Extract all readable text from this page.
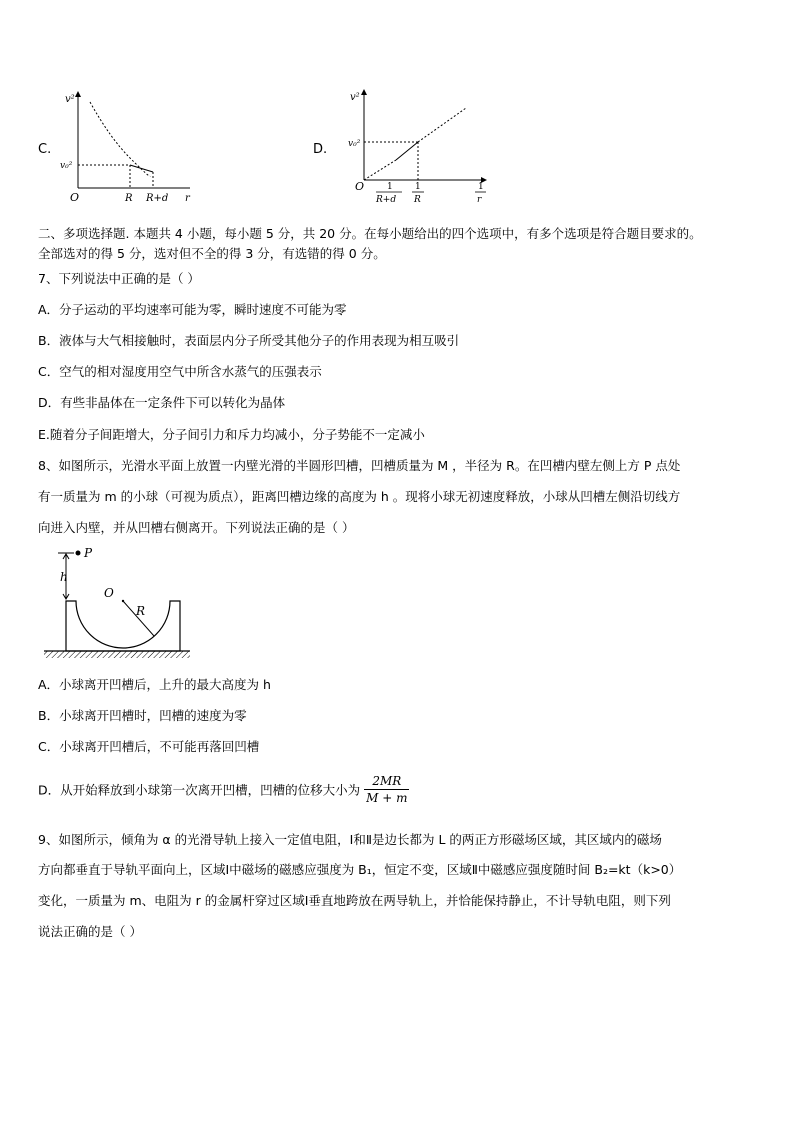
C.
v²
v₀²
O	R R+d r
D.
v²
v₀²
O	1
R+d
1
R
1
r
二、多项选择题. 本题共 4 小题，每小题 5 分，共 20 分。在每小题给出的四个选项中，有多个选项是符合题目要求的。
全部选对的得 5 分，选对但不全的得 3 分，有选错的得 0 分。
7、下列说法中正确的是（ ）
A．分子运动的平均速率可能为零，瞬时速度不可能为零
B．液体与大气相接触时，表面层内分子所受其他分子的作用表现为相互吸引
C．空气的相对湿度用空气中所含水蒸气的压强表示
D．有些非晶体在一定条件下可以转化为晶体
E.随着分子间距增大，分子间引力和斥力均减小，分子势能不一定减小
8、如图所示，光滑水平面上放置一内壁光滑的半圆形凹槽，凹槽质量为 M ，半径为 R。在凹槽内壁左侧上方 P 点处
有一质量为 m 的小球（可视为质点），距离凹槽边缘的高度为 h 。现将小球无初速度释放，小球从凹槽左侧沿切线方
向进入内壁，并从凹槽右侧离开。下列说法正确的是（ ）
O
R
P
h
A．小球离开凹槽后，上升的最大高度为 h
B．小球离开凹槽时，凹槽的速度为零
C．小球离开凹槽后，不可能再落回凹槽
D．从开始释放到小球第一次离开凹槽，凹槽的位移大小为 $\frac{2MR}{M + m}$
9、如图所示，倾角为 α 的光滑导轨上接入一定值电阻，Ⅰ和Ⅱ是边长都为 L 的两正方形磁场区域，其区域内的磁场
方向都垂直于导轨平面向上，区域Ⅰ中磁场的磁感应强度为 B₁，恒定不变，区域Ⅱ中磁感应强度随时间 B₂=kt（k>0）
变化，一质量为 m、电阻为 r 的金属杆穿过区域Ⅰ垂直地跨放在两导轨上，并恰能保持静止，不计导轨电阻，则下列
说法正确的是（ ）
